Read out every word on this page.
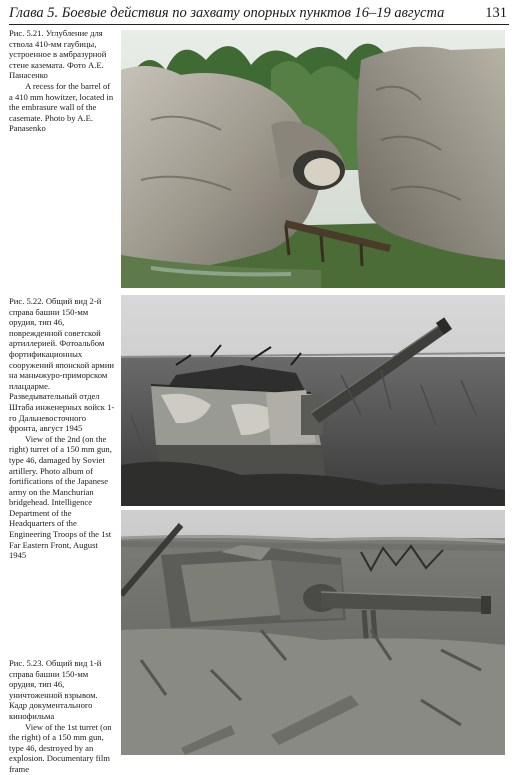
Глава 5. Боевые действия по захвату опорных пунктов 16–19 августа	131

Рис. 5.21. Углубление для ствола 410-мм гаубицы, устроенное в амбразурной стене каземата. Фото А.Е. Панасенко

A recess for the barrel of a 410 mm howitzer, located in the embrasure wall of the casemate. Photo by A.E. Panasenko

Рис. 5.22. Общий вид 2-й справа башни 150-мм орудия, тип 46, поврежденной советской артиллерией. Фотоальбом фортификационных сооружений японской армии на маньчжуро-приморском плацдарме. Разведывательный отдел Штаба инженерных войск 1-го Дальневосточного фронта, август 1945

View of the 2nd (on the right) turret of a 150 mm gun, type 46, damaged by Soviet artillery. Photo album of fortifications of the Japanese army on the Manchurian bridgehead. Intelligence Department of the Headquarters of the Engineering Troops of the 1st Far Eastern Front, August 1945

Рис. 5.23. Общий вид 1-й справа башни 150-мм орудия, тип 46, уничтоженной взрывом. Кадр документального кинофильма

View of the 1st turret (on the right) of a 150 mm gun, type 46, destroyed by an explosion. Documentary film frame
